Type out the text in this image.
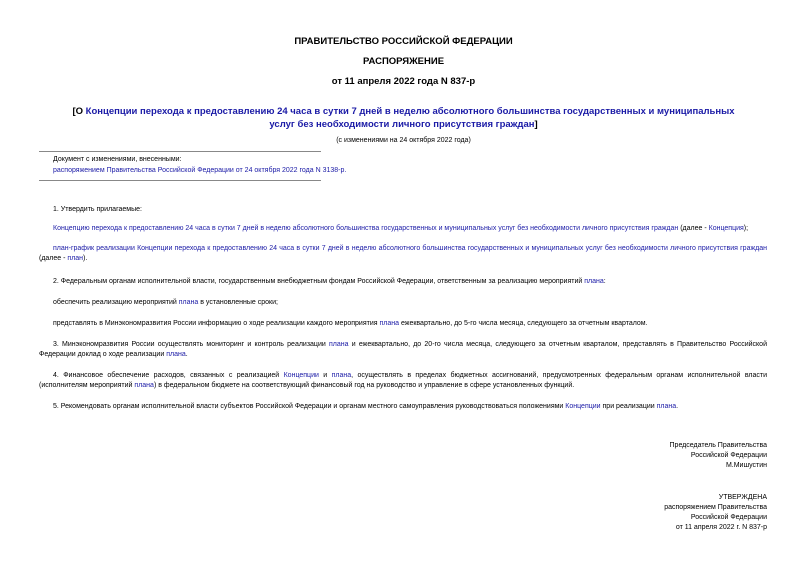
ПРАВИТЕЛЬСТВО РОССИЙСКОЙ ФЕДЕРАЦИИ
РАСПОРЯЖЕНИЕ
от 11 апреля 2022 года N 837-р
[О Концепции перехода к предоставлению 24 часа в сутки 7 дней в неделю абсолютного большинства государственных и муниципальных услуг без необходимости личного присутствия граждан]
(с изменениями на 24 октября 2022 года)
Документ с изменениями, внесенными:
распоряжением Правительства Российской Федерации от 24 октября 2022 года N 3138-р.
1. Утвердить прилагаемые:
Концепцию перехода к предоставлению 24 часа в сутки 7 дней в неделю абсолютного большинства государственных и муниципальных услуг без необходимости личного присутствия граждан (далее - Концепция);
план-график реализации Концепции перехода к предоставлению 24 часа в сутки 7 дней в неделю абсолютного большинства государственных и муниципальных услуг без необходимости личного присутствия граждан (далее - план).
2. Федеральным органам исполнительной власти, государственным внебюджетным фондам Российской Федерации, ответственным за реализацию мероприятий плана:
обеспечить реализацию мероприятий плана в установленные сроки;
представлять в Минэкономразвития России информацию о ходе реализации каждого мероприятия плана ежеквартально, до 5-го числа месяца, следующего за отчетным кварталом.
3. Минэкономразвития России осуществлять мониторинг и контроль реализации плана и ежеквартально, до 20-го числа месяца, следующего за отчетным кварталом, представлять в Правительство Российской Федерации доклад о ходе реализации плана.
4. Финансовое обеспечение расходов, связанных с реализацией Концепции и плана, осуществлять в пределах бюджетных ассигнований, предусмотренных федеральным органам исполнительной власти (исполнителям мероприятий плана) в федеральном бюджете на соответствующий финансовый год на руководство и управление в сфере установленных функций.
5. Рекомендовать органам исполнительной власти субъектов Российской Федерации и органам местного самоуправления руководствоваться положениями Концепции при реализации плана.
Председатель Правительства
Российской Федерации
М.Мишустин
УТВЕРЖДЕНА
распоряжением Правительства
Российской Федерации
от 11 апреля 2022 г. N 837-р
